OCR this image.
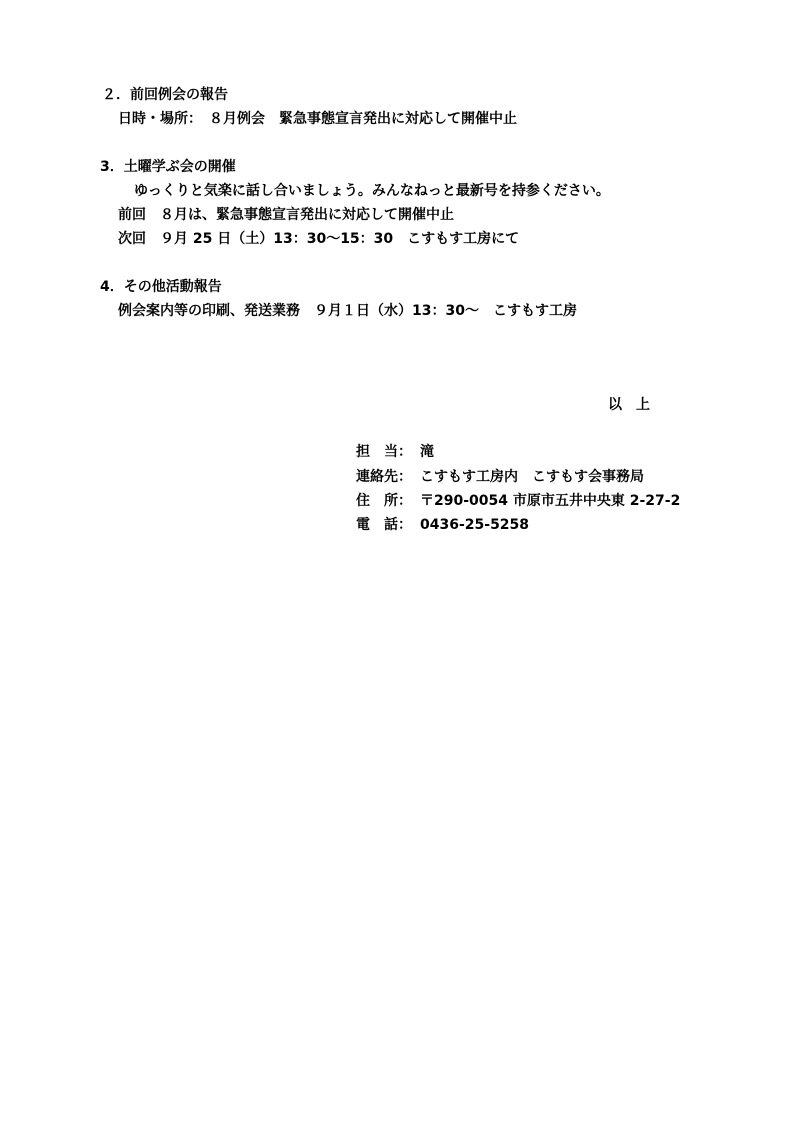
２．前回例会の報告
日時・場所：　８月例会　緊急事態宣言発出に対応して開催中止
3．土曜学ぶ会の開催
ゆっくりと気楽に話し合いましょう。みんなねっと最新号を持参ください。
前回　８月は、緊急事態宣言発出に対応して開催中止
次回　９月 25 日（土）13：30～15：30　こすもす工房にて
4．その他活動報告
例会案内等の印刷、発送業務　９月１日（水）13：30～　こすもす工房
以　上
担　当： 滝
連絡先： こすもす工房内　こすもす会事務局
住　所： 〒290-0054 市原市五井中央東 2-27-2
電　話： 0436-25-5258
